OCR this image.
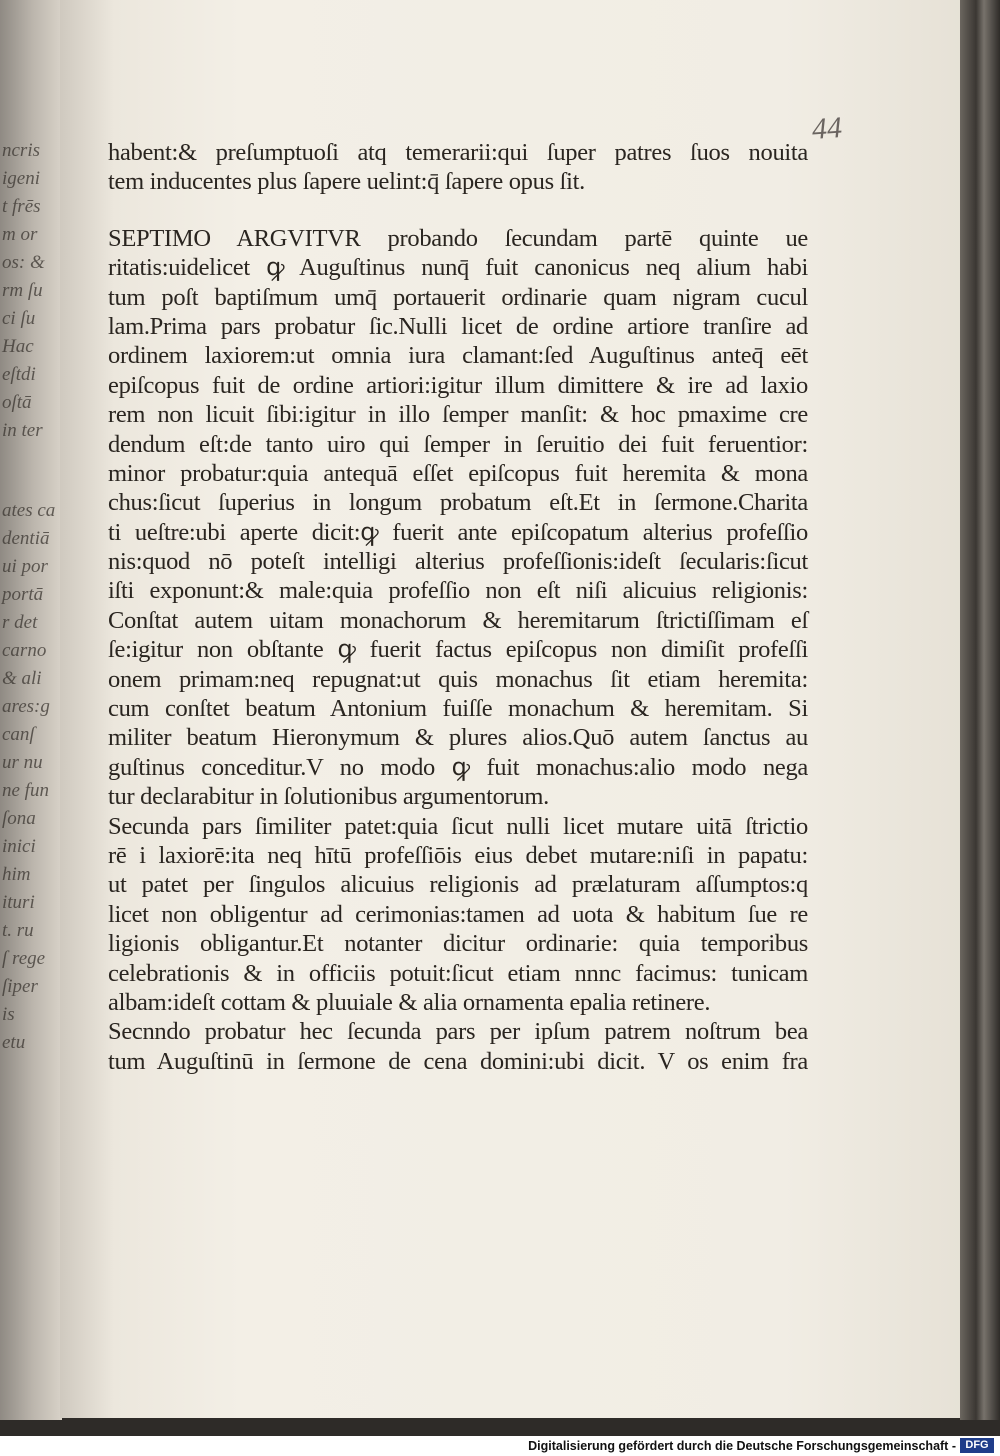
ncris
igeni
t frēs
m or
os: &
rm ſu
ci ſu
Hac
eſtdi
oſtā
in ter
ates ca
dentiā
ui por
portā
r det
carno
& ali
ares:g
canſ
ur nu
ne fun
ſona
inici
him
ituri
t. ru
ſ rege
ſiper
is
etu
44
habent:& preſumptuoſi atq temerarii:qui ſuper patres ſuos nouita
tem inducentes plus ſapere uelint:q̄ ſapere opus ſit.
SEPTIMO ARGVITVR probando ſecundam partē quinte ue
ritatis:uidelicet ꝙ Auguſtinus nunq̄ fuit canonicus neq alium habi
tum poſt baptiſmum umq̄ portauerit ordinarie quam nigram cucul
lam.Prima pars probatur ſic.Nulli licet de ordine artiore tranſire ad
ordinem laxiorem:ut omnia iura clamant:ſed Auguſtinus anteq̄ eēt
epiſcopus fuit de ordine artiori:igitur illum dimittere & ire ad laxio
rem non licuit ſibi:igitur in illo ſemper manſit: & hoc pmaxime cre
dendum eſt:de tanto uiro qui ſemper in ſeruitio dei fuit feruentior:
minor probatur:quia antequā eſſet epiſcopus fuit heremita & mona
chus:ſicut ſuperius in longum probatum eſt.Et in ſermone.Charita
ti ueſtre:ubi aperte dicit:ꝙ fuerit ante epiſcopatum alterius profeſſio
nis:quod nō poteſt intelligi alterius profeſſionis:ideſt ſecularis:ſicut
iſti exponunt:& male:quia profeſſio non eſt niſi alicuius religionis:
Conſtat autem uitam monachorum & heremitarum ſtrictiſſimam eſ
ſe:igitur non obſtante ꝙ fuerit factus epiſcopus non dimiſit profeſſi
onem primam:neq repugnat:ut quis monachus ſit etiam heremita:
cum conſtet beatum Antonium fuiſſe monachum & heremitam. Si
militer beatum Hieronymum & plures alios.Quō autem ſanctus au
guſtinus conceditur.V no modo ꝙ fuit monachus:alio modo nega
tur declarabitur in ſolutionibus argumentorum.
Secunda pars ſimiliter patet:quia ſicut nulli licet mutare uitā ſtrictio
rē i laxiorē:ita neq hītū profeſſiōis eius debet mutare:niſi in papatu:
ut patet per ſingulos alicuius religionis ad prælaturam aſſumptos:q
licet non obligentur ad cerimonias:tamen ad uota & habitum ſue re
ligionis obligantur.Et notanter dicitur ordinarie: quia temporibus
celebrationis & in officiis potuit:ſicut etiam nnnc facimus: tunicam
albam:ideſt cottam & pluuiale & alia ornamenta epalia retinere.
Secnndo probatur hec ſecunda pars per ipſum patrem noſtrum bea
tum Auguſtinū in ſermone de cena domini:ubi dicit. V os enim fra
Digitalisierung gefördert durch die Deutsche Forschungsgemeinschaft - DFG
